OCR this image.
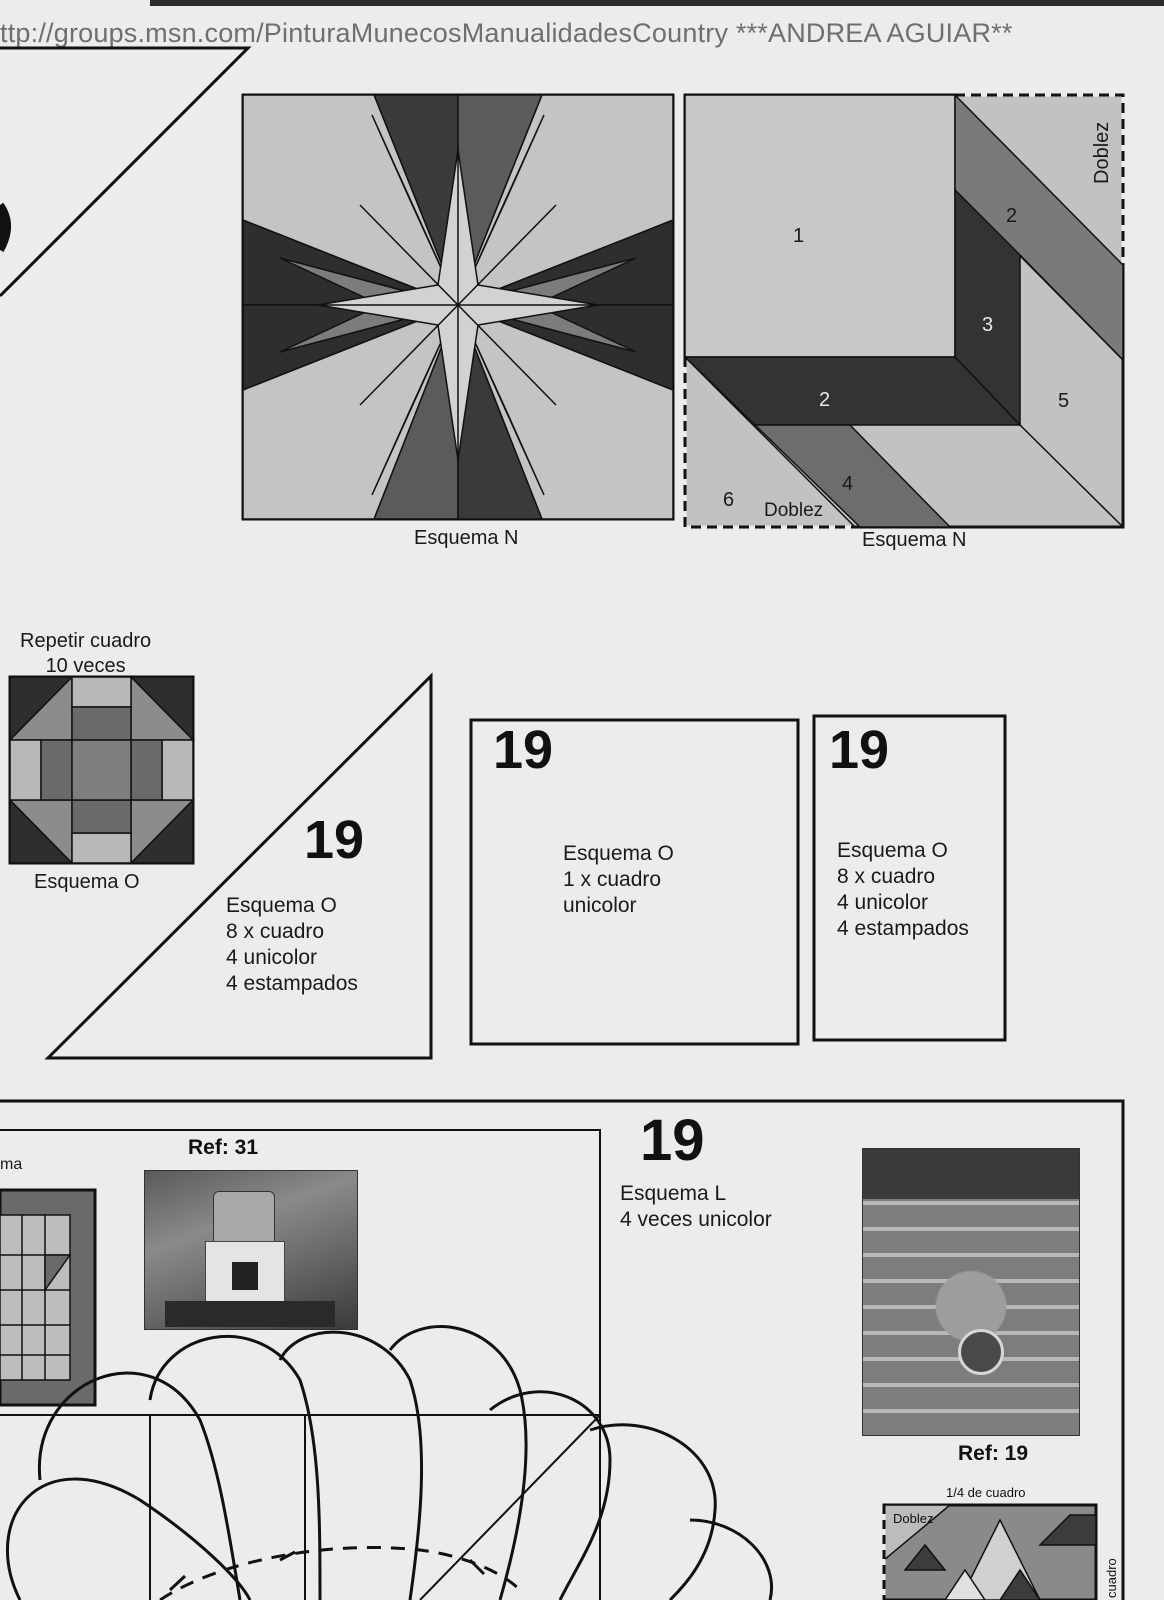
ttp://groups.msn.com/PinturaMunecosManualidadesCountry ***ANDREA AGUIAR**
Esquema N	Esquema N
Doblez
Doblez
1
2
3
2	5
4
6
Repetir cuadro
10 veces
Esquema O
19
Esquema O
8 x cuadro
4 unicolor
4 estampados
19
Esquema O
1 x cuadro
unicolor
19
Esquema O
8 x cuadro
4 unicolor
4 estampados
ma
Ref: 31	19
Esquema L
4 veces unicolor
Ref: 19
1/4 de cuadro
Doblez
cuadro
